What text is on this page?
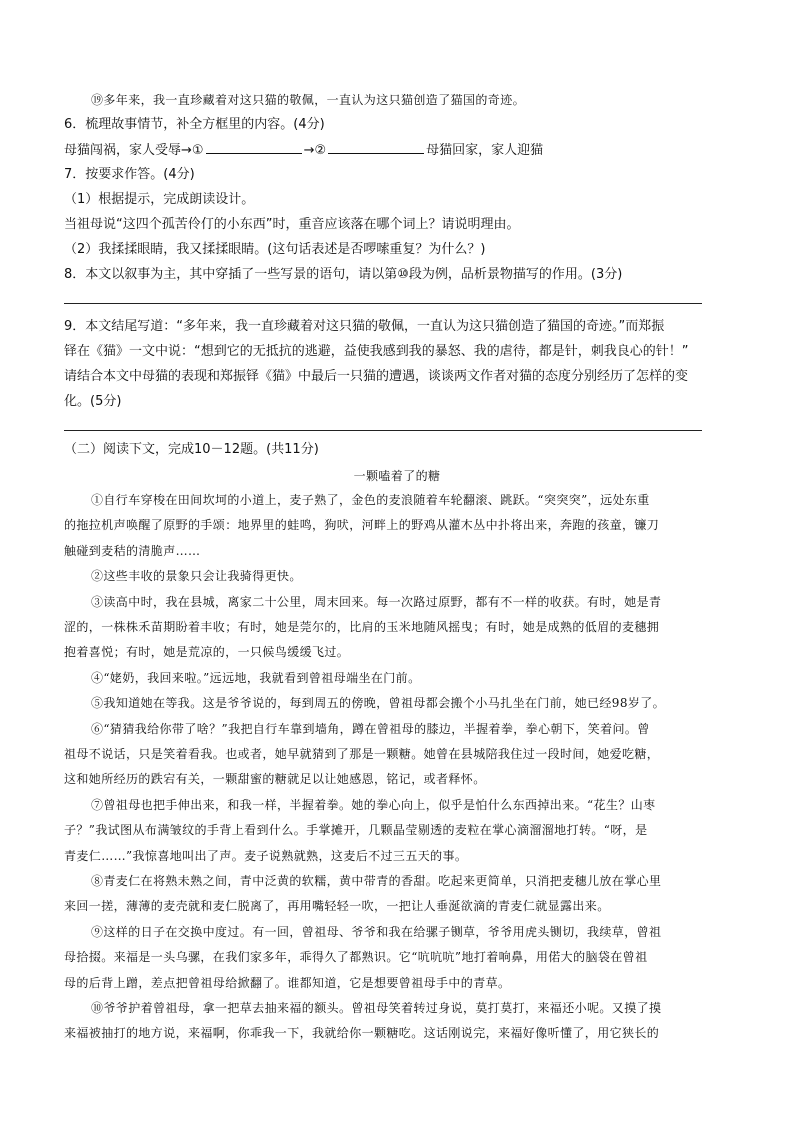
⑲多年来，我一直珍藏着对这只猫的敬佩，一直认为这只猫创造了猫国的奇迹。
6．梳理故事情节，补全方框里的内容。(4分)
母猫闯祸，家人受辱→①	→②	母猫回家，家人迎猫
7．按要求作答。(4分)
（1）根据提示，完成朗读设计。
当祖母说“这四个孤苦伶仃的小东西”时，重音应该落在哪个词上？请说明理由。
（2）我揉揉眼睛，我又揉揉眼睛。(这句话表述是否啰嗦重复？为什么？)
8．本文以叙事为主，其中穿插了一些写景的语句，请以第⑩段为例，品析景物描写的作用。(3分)
9．本文结尾写道：“多年来，我一直珍藏着对这只猫的敬佩，一直认为这只猫创造了猫国的奇迹。”而郑振
铎在《猫》一文中说：“想到它的无抵抗的逃避，益使我感到我的暴怒、我的虐待，都是针，刺我良心的针！”
请结合本文中母猫的表现和郑振铎《猫》中最后一只猫的遭遇，谈谈两文作者对猫的态度分别经历了怎样的变
化。(5分)
（二）阅读下文，完成10－12题。(共11分)
一颗嗑着了的糖
①自行车穿梭在田间坎坷的小道上，麦子熟了，金色的麦浪随着车轮翻滚、跳跃。“突突突”，远处东重
的拖拉机声唤醒了原野的手颂：地界里的蛙鸣，狗吠，河畔上的野鸡从灌木丛中扑将出来，奔跑的孩童，镰刀
触碰到麦秸的清脆声……
②这些丰收的景象只会让我骑得更快。
③读高中时，我在县城，离家二十公里，周末回来。每一次路过原野，都有不一样的收获。有时，她是青
涩的，一株株禾苗期盼着丰收；有时，她是莞尔的，比肩的玉米地随风摇曳；有时，她是成熟的低眉的麦穗拥
抱着喜悦；有时，她是荒凉的，一只候鸟缓缓飞过。
④“姥奶，我回来啦。”远远地，我就看到曾祖母端坐在门前。
⑤我知道她在等我。这是爷爷说的，每到周五的傍晚，曾祖母都会搬个小马扎坐在门前，她已经98岁了。
⑥“猜猜我给你带了啥？”我把自行车靠到墙角，蹲在曾祖母的膝边，半握着拳，拳心朝下，笑着问。曾
祖母不说话，只是笑着看我。也或者，她早就猜到了那是一颗糖。她曾在县城陪我住过一段时间，她爱吃糖，
这和她所经历的跌宕有关，一颗甜蜜的糖就足以让她感恩，铭记，或者释怀。
⑦曾祖母也把手伸出来，和我一样，半握着拳。她的拳心向上，似乎是怕什么东西掉出来。“花生？山枣
子？”我试图从布满皱纹的手背上看到什么。手掌摊开，几颗晶莹剔透的麦粒在掌心滴溜溜地打转。“呀，是
青麦仁……”我惊喜地叫出了声。麦子说熟就熟，这麦后不过三五天的事。
⑧青麦仁在将熟未熟之间，青中泛黄的软糯，黄中带青的香甜。吃起来更简单，只消把麦穗儿放在掌心里
来回一搓，薄薄的麦壳就和麦仁脱离了，再用嘴轻轻一吹，一把让人垂涎欲滴的青麦仁就显露出来。
⑨这样的日子在交换中度过。有一回，曾祖母、爷爷和我在给骡子铡草，爷爷用虎头铡切，我续草，曾祖
母拾掇。来福是一头乌骡，在我们家多年，乖得久了都熟识。它“吭吭吭”地打着响鼻，用偌大的脑袋在曾祖
母的后背上蹭，差点把曾祖母给掀翻了。谁都知道，它是想要曾祖母手中的青草。
⑩爷爷护着曾祖母，拿一把草去抽来福的额头。曾祖母笑着转过身说，莫打莫打，来福还小呢。又摸了摸
来福被抽打的地方说，来福啊，你乖我一下，我就给你一颗糖吃。这话刚说完，来福好像听懂了，用它狭长的
